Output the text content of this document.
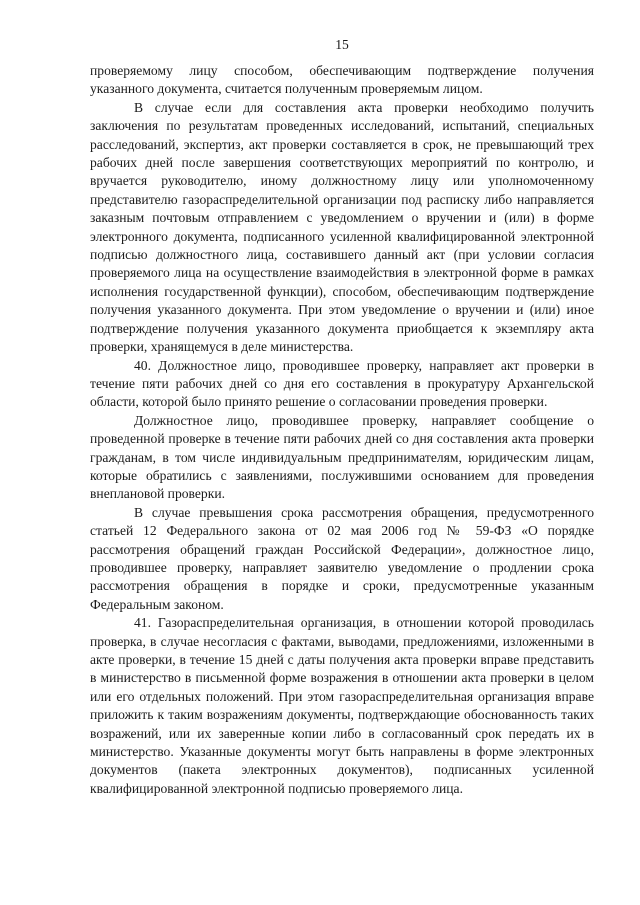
15

проверяемому лицу способом, обеспечивающим подтверждение получения указанного документа, считается полученным проверяемым лицом.

В случае если для составления акта проверки необходимо получить заключения по результатам проведенных исследований, испытаний, специальных расследований, экспертиз, акт проверки составляется в срок, не превышающий трех рабочих дней после завершения соответствующих мероприятий по контролю, и вручается руководителю, иному должностному лицу или уполномоченному представителю газораспределительной организации под расписку либо направляется заказным почтовым отправлением с уведомлением о вручении и (или) в форме электронного документа, подписанного усиленной квалифицированной электронной подписью должностного лица, составившего данный акт (при условии согласия проверяемого лица на осуществление взаимодействия в электронной форме в рамках исполнения государственной функции), способом, обеспечивающим подтверждение получения указанного документа. При этом уведомление о вручении и (или) иное подтверждение получения указанного документа приобщается к экземпляру акта проверки, хранящемуся в деле министерства.

40. Должностное лицо, проводившее проверку, направляет акт проверки в течение пяти рабочих дней со дня его составления в прокуратуру Архангельской области, которой было принято решение о согласовании проведения проверки.

Должностное лицо, проводившее проверку, направляет сообщение о проведенной проверке в течение пяти рабочих дней со дня составления акта проверки гражданам, в том числе индивидуальным предпринимателям, юридическим лицам, которые обратились с заявлениями, послужившими основанием для проведения внеплановой проверки.

В случае превышения срока рассмотрения обращения, предусмотренного статьей 12 Федерального закона от 02 мая 2006 год № 59-ФЗ «О порядке рассмотрения обращений граждан Российской Федерации», должностное лицо, проводившее проверку, направляет заявителю уведомление о продлении срока рассмотрения обращения в порядке и сроки, предусмотренные указанным Федеральным законом.

41. Газораспределительная организация, в отношении которой проводилась проверка, в случае несогласия с фактами, выводами, предложениями, изложенными в акте проверки, в течение 15 дней с даты получения акта проверки вправе представить в министерство в письменной форме возражения в отношении акта проверки в целом или его отдельных положений. При этом газораспределительная организация вправе приложить к таким возражениям документы, подтверждающие обоснованность таких возражений, или их заверенные копии либо в согласованный срок передать их в министерство. Указанные документы могут быть направлены в форме электронных документов (пакета электронных документов), подписанных усиленной квалифицированной электронной подписью проверяемого лица.
